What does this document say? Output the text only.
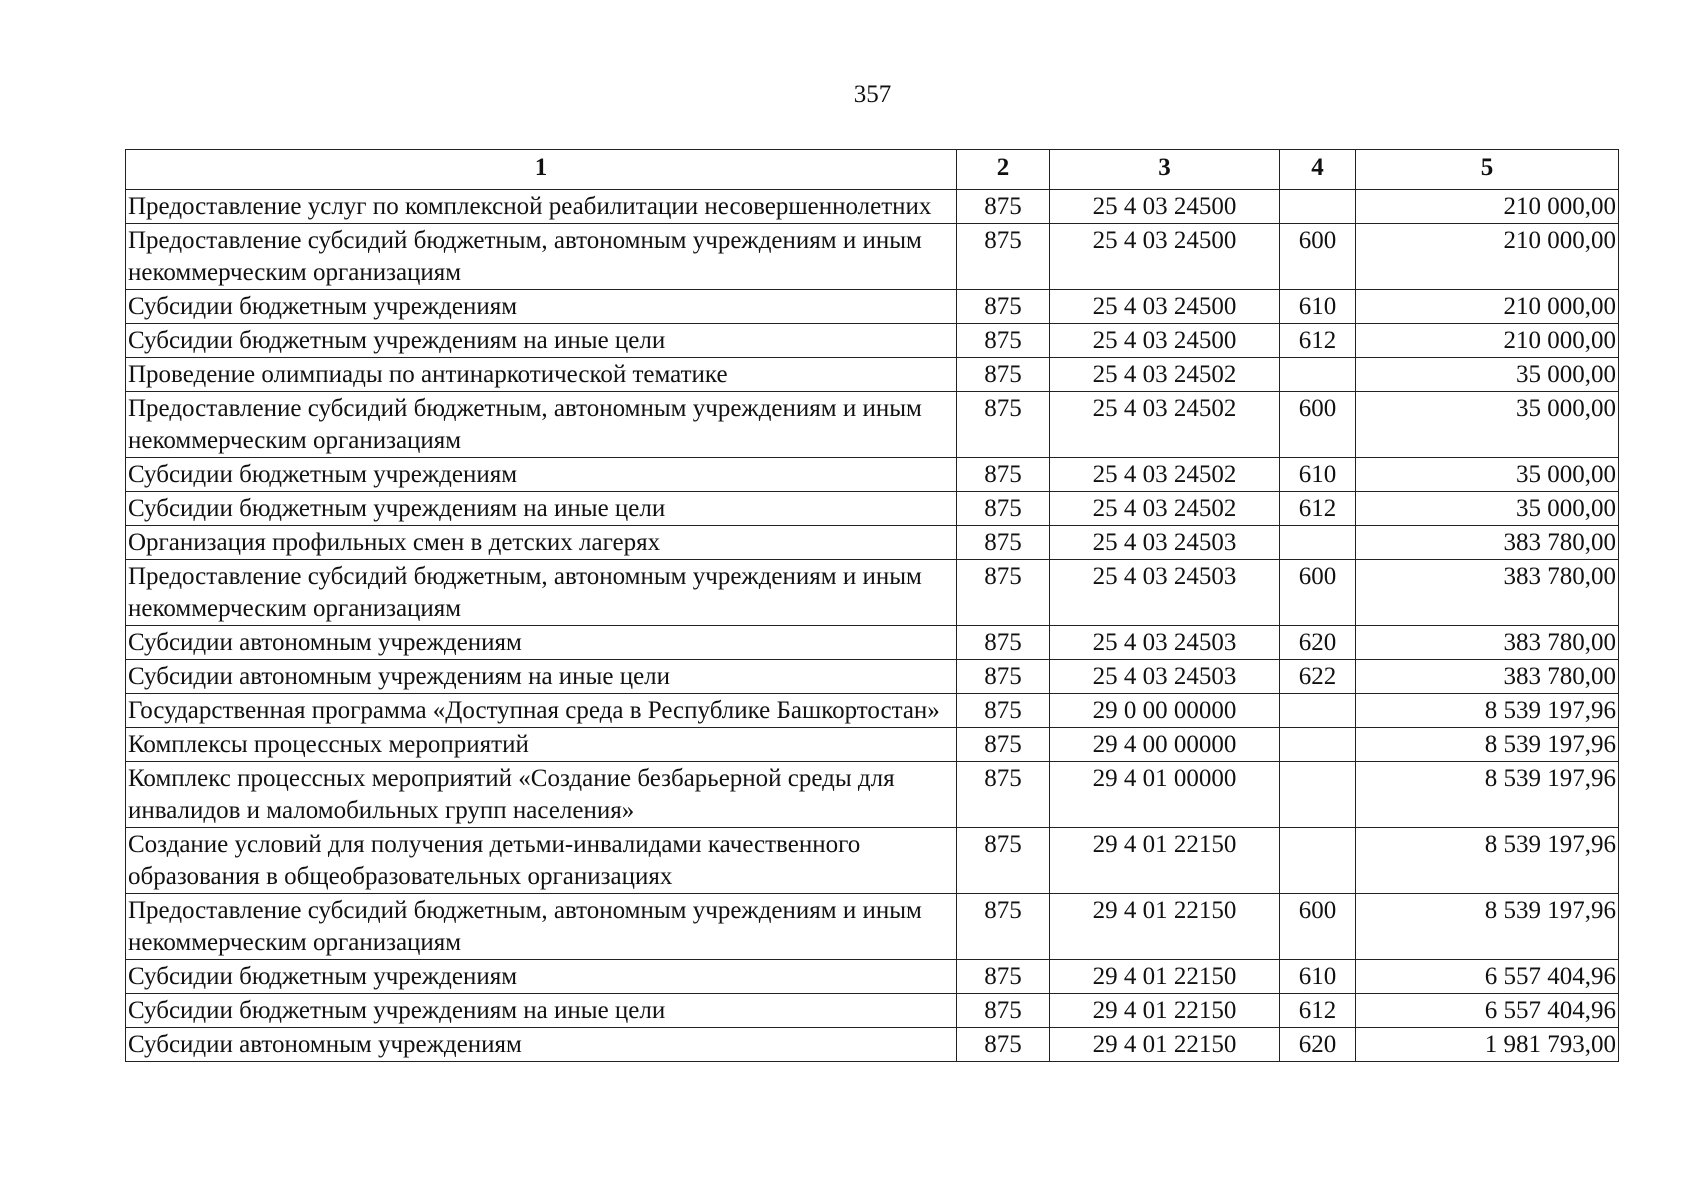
357
1	2	3	4	5
Предоставление услуг по комплексной реабилитации несовершеннолетних	875	25 4 03 24500		210 000,00
Предоставление субсидий бюджетным, автономным учреждениям и иным некоммерческим организациям	875	25 4 03 24500	600	210 000,00
Субсидии бюджетным учреждениям	875	25 4 03 24500	610	210 000,00
Субсидии бюджетным учреждениям на иные цели	875	25 4 03 24500	612	210 000,00
Проведение олимпиады по антинаркотической тематике	875	25 4 03 24502		35 000,00
Предоставление субсидий бюджетным, автономным учреждениям и иным некоммерческим организациям	875	25 4 03 24502	600	35 000,00
Субсидии бюджетным учреждениям	875	25 4 03 24502	610	35 000,00
Субсидии бюджетным учреждениям на иные цели	875	25 4 03 24502	612	35 000,00
Организация профильных смен в детских лагерях	875	25 4 03 24503		383 780,00
Предоставление субсидий бюджетным, автономным учреждениям и иным некоммерческим организациям	875	25 4 03 24503	600	383 780,00
Субсидии автономным учреждениям	875	25 4 03 24503	620	383 780,00
Субсидии автономным учреждениям на иные цели	875	25 4 03 24503	622	383 780,00
Государственная программа «Доступная среда в Республике Башкортостан»	875	29 0 00 00000		8 539 197,96
Комплексы процессных мероприятий	875	29 4 00 00000		8 539 197,96
Комплекс процессных мероприятий «Создание безбарьерной среды для инвалидов и маломобильных групп населения»	875	29 4 01 00000		8 539 197,96
Создание условий для получения детьми-инвалидами качественного образования в общеобразовательных организациях	875	29 4 01 22150		8 539 197,96
Предоставление субсидий бюджетным, автономным учреждениям и иным некоммерческим организациям	875	29 4 01 22150	600	8 539 197,96
Субсидии бюджетным учреждениям	875	29 4 01 22150	610	6 557 404,96
Субсидии бюджетным учреждениям на иные цели	875	29 4 01 22150	612	6 557 404,96
Субсидии автономным учреждениям	875	29 4 01 22150	620	1 981 793,00
